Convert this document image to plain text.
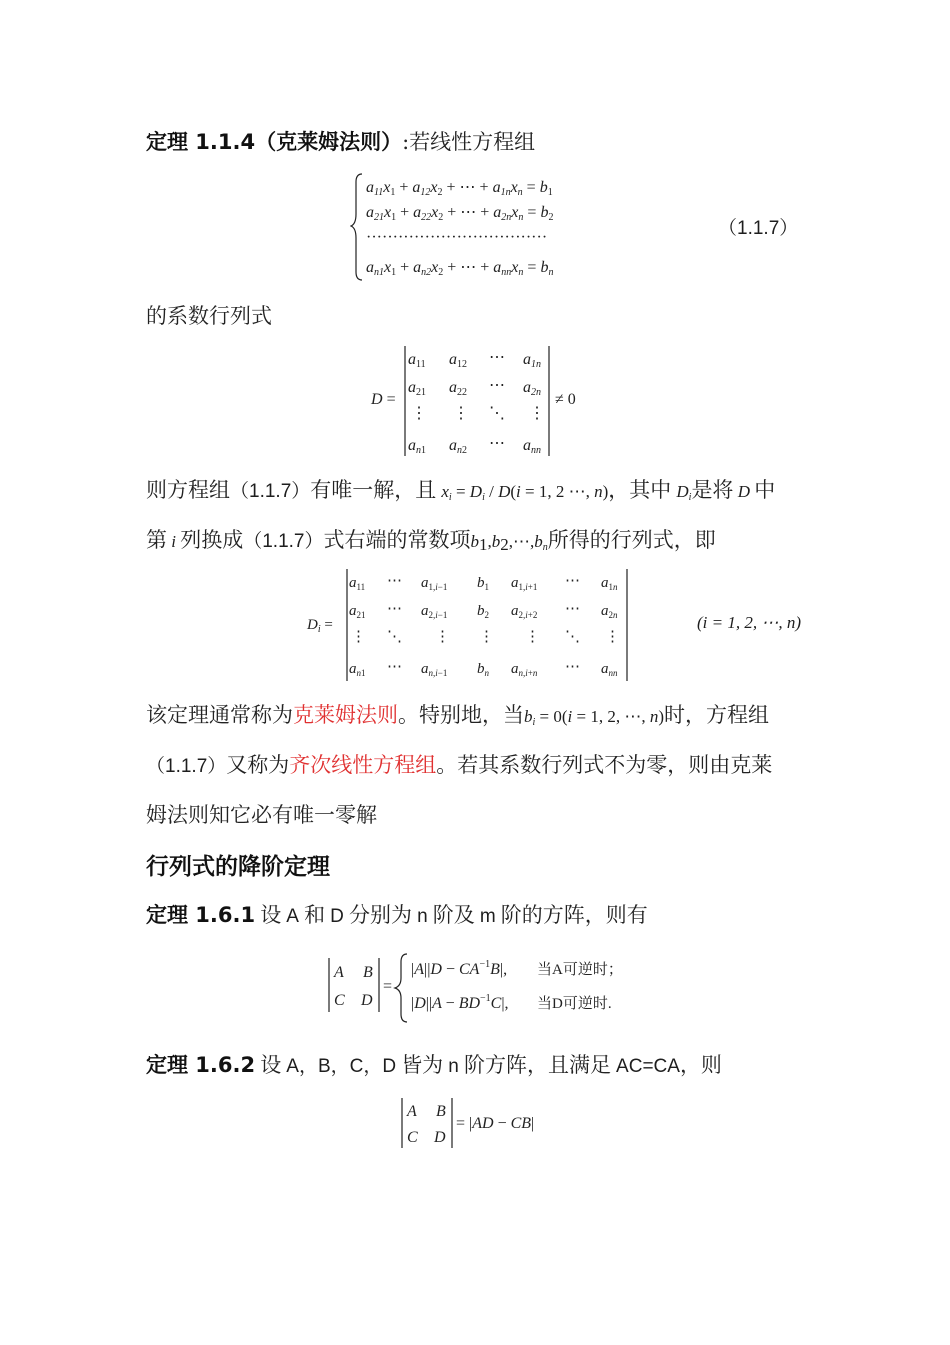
定理 1.1.4（克莱姆法则）:若线性方程组
a11x1 + a12x2 + ⋯ + a1nxn = b1
a21x1 + a22x2 + ⋯ + a2nxn = b2
··································
an1x1 + an2x2 + ⋯ + annxn = bn
（1.1.7）
的系数行列式
D =
a11 a12 ⋯ a1n
a21 a22 ⋯ a2n
⋮ ⋮ ⋱ ⋮
an1 an2 ⋯ ann
≠ 0
则方程组（1.1.7）有唯一解，且 $x_i = D_i / D(i = 1$, 2 ⋯, n)，其中 $D_i$是将 D 中
第 i 列换成（1.1.7）式右端的常数项$b_1,b_2,\cdots,b_n$所得的行列式，即
$D_i$ =
$a_{11}$ ⋯ $a_{1,}i-1$ $b_1$ $a_{1,}i+1$ ⋯ $a_1n$
$a_{21}$ ⋯ $a_{2,}i-1$ $b_2$ $a_{2,}i+2$ ⋯ $a_2n$
⋮ ⋱ ⋮ ⋮ ⋮ ⋱ ⋮
$a_n1$ ⋯ $a_n,i-1$ $b_n$ $a_n,i+n$ ⋯ $a_{nn}$
(i = 1, 2, ⋯, n)
该定理通常称为克莱姆法则。特别地，当$b_i = 0(i = 1$, 2, ⋯, n)时，方程组
（1.1.7）又称为齐次线性方程组。若其系数行列式不为零，则由克莱
姆法则知它必有唯一零解
行列式的降阶定理
定理 1.6.1 设 A 和 D 分别为 n 阶及 m 阶的方阵，则有
A B
C D
=
$|A||D - CA^{-1}B|$,
$|D||A - BD^{-1}C|$,
当A可逆时；
当D可逆时.
定理 1.6.2 设 A，B，C，D 皆为 n 阶方阵，且满足 AC=CA，则
A B
C D
= |AD − CB|
